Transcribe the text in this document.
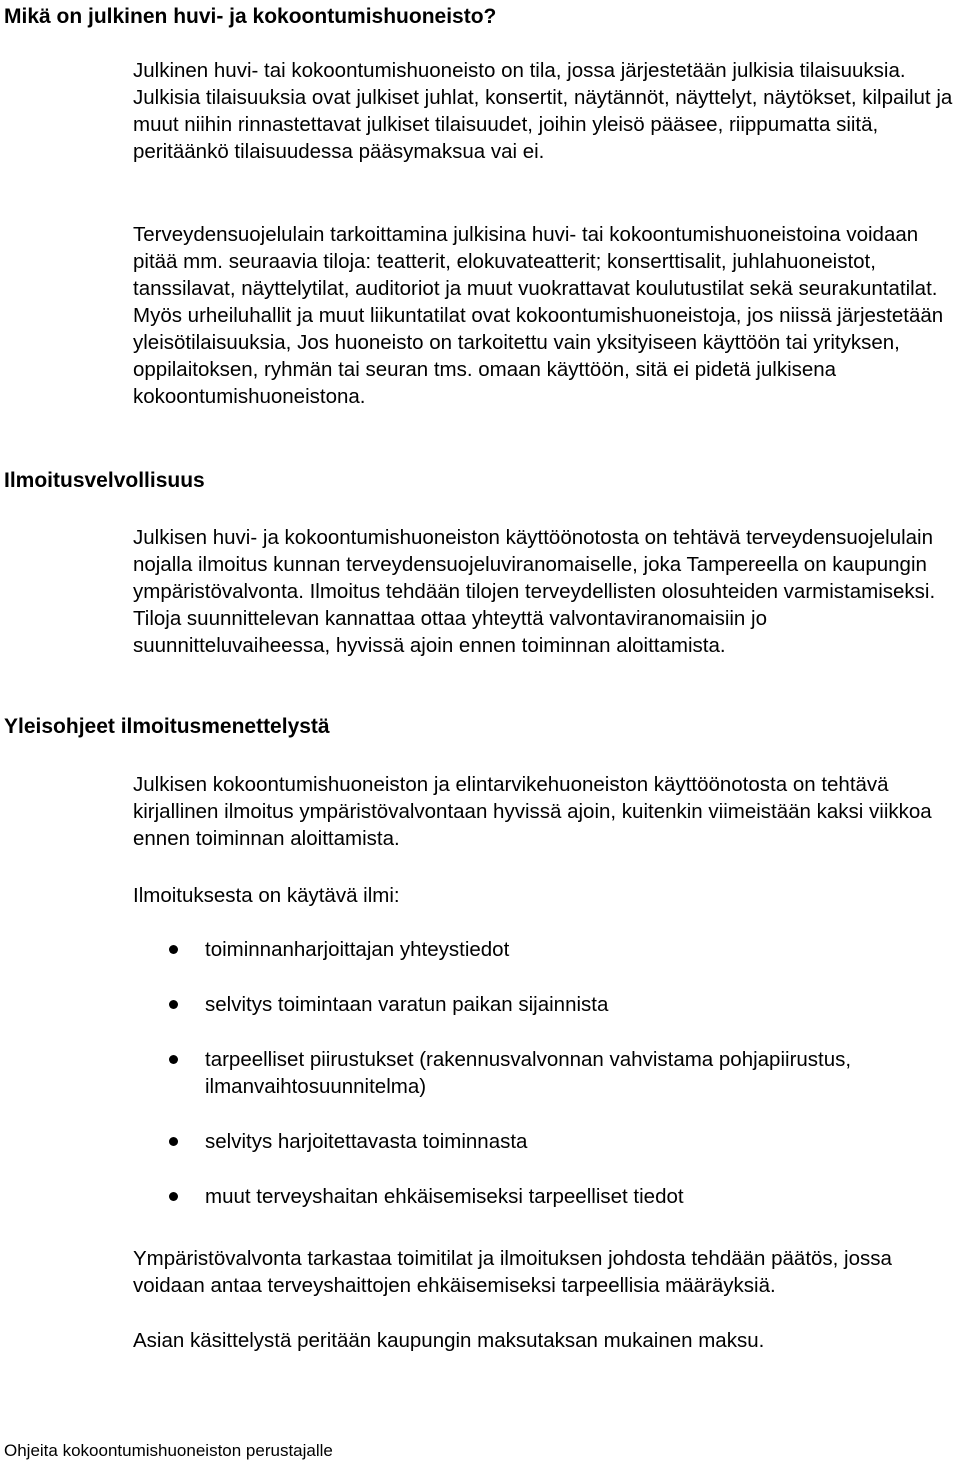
Mikä on julkinen huvi- ja kokoontumishuoneisto?
Julkinen huvi- tai kokoontumishuoneisto on tila, jossa järjestetään julkisia tilaisuuksia. Julkisia tilaisuuksia ovat julkiset juhlat, konsertit, näytännöt, näyttelyt, näytökset, kilpailut ja muut niihin rinnastettavat julkiset tilaisuudet, joihin yleisö pääsee, riippumatta siitä, peritäänkö tilaisuudessa pääsymaksua vai ei.
Terveydensuojelulain tarkoittamina julkisina huvi- tai kokoontumishuoneistoina voidaan pitää mm. seuraavia tiloja: teatterit, elokuvateatterit; konserttisalit, juhlahuoneistot, tanssilavat, näyttelytilat, auditoriot ja muut vuokrattavat koulutustilat sekä seurakuntatilat. Myös urheiluhallit ja muut liikuntatilat ovat kokoontumishuoneistoja, jos niissä järjestetään yleisötilaisuuksia, Jos huoneisto on tarkoitettu vain yksityiseen käyttöön tai yrityksen, oppilaitoksen, ryhmän tai seuran tms. omaan käyttöön, sitä ei pidetä julkisena kokoontumishuoneistona.
Ilmoitusvelvollisuus
Julkisen huvi- ja kokoontumishuoneiston käyttöönotosta on tehtävä terveydensuojelulain nojalla ilmoitus kunnan terveydensuojeluviranomaiselle, joka Tampereella on kaupungin ympäristövalvonta. Ilmoitus tehdään tilojen terveydellisten olosuhteiden varmistamiseksi. Tiloja suunnittelevan kannattaa ottaa yhteyttä valvontaviranomaisiin jo suunnitteluvaiheessa, hyvissä ajoin ennen toiminnan aloittamista.
Yleisohjeet ilmoitusmenettelystä
Julkisen kokoontumishuoneiston ja elintarvikehuoneiston käyttöönotosta on tehtävä kirjallinen ilmoitus ympäristövalvontaan hyvissä ajoin, kuitenkin viimeistään kaksi viikkoa ennen toiminnan aloittamista.
Ilmoituksesta on käytävä ilmi:
toiminnanharjoittajan yhteystiedot
selvitys toimintaan varatun paikan sijainnista
tarpeelliset piirustukset (rakennusvalvonnan vahvistama pohjapiirustus, ilmanvaihtosuunnitelma)
selvitys harjoitettavasta toiminnasta
muut terveyshaitan ehkäisemiseksi tarpeelliset tiedot
Ympäristövalvonta tarkastaa toimitilat ja ilmoituksen johdosta tehdään päätös, jossa voidaan antaa terveyshaittojen ehkäisemiseksi tarpeellisia määräyksiä.
Asian käsittelystä peritään kaupungin maksutaksan mukainen maksu.
Ohjeita kokoontumishuoneiston perustajalle
